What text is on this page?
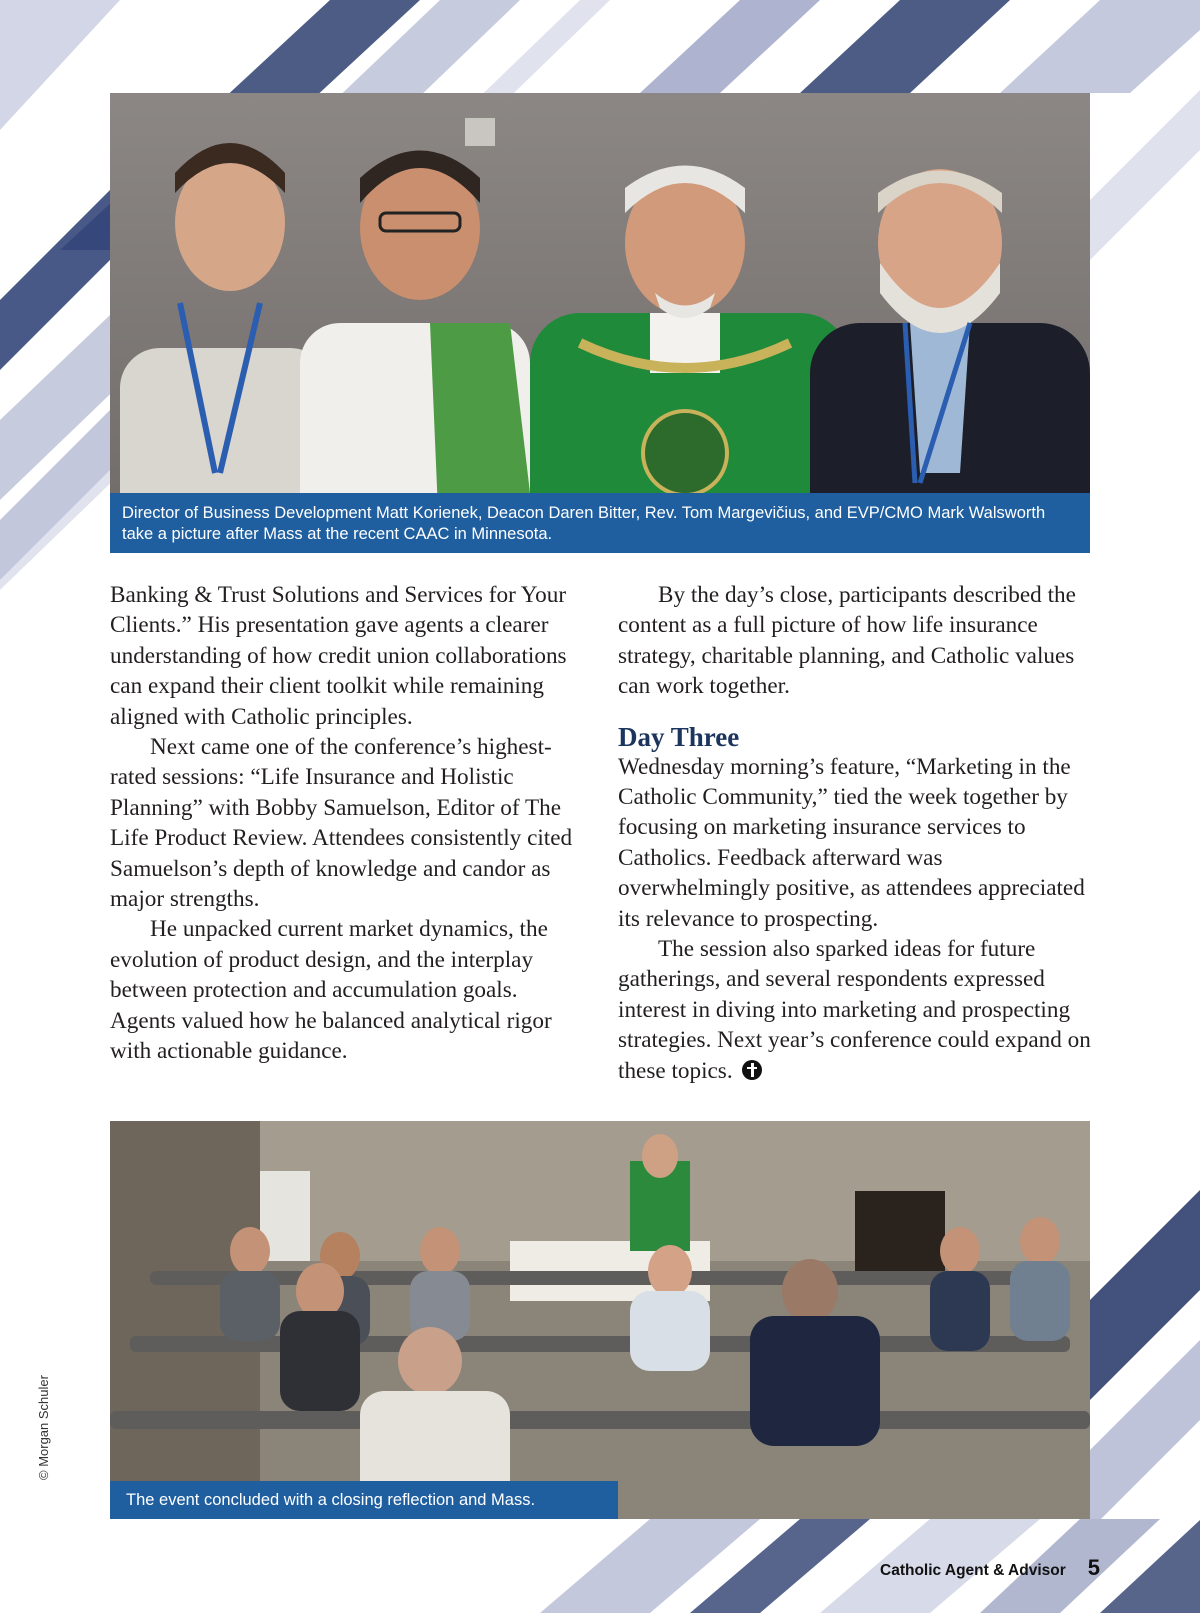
Director of Business Development Matt Korienek, Deacon Daren Bitter, Rev. Tom Margevičius, and EVP/CMO Mark Walsworth take a picture after Mass at the recent CAAC in Minnesota.

Banking & Trust Solutions and Services for Your Clients.” His presentation gave agents a clearer understanding of how credit union collaborations can expand their client toolkit while remaining aligned with Catholic principles.

Next came one of the conference’s highest-rated sessions: “Life Insurance and Holistic Planning” with Bobby Samuelson, Editor of The Life Product Review. Attendees consistently cited Samuelson’s depth of knowledge and candor as major strengths.

He unpacked current market dynamics, the evolution of product design, and the interplay between protection and accumulation goals. Agents valued how he balanced analytical rigor with actionable guidance.

By the day’s close, participants described the content as a full picture of how life insurance strategy, charitable planning, and Catholic values can work together.

Day Three

Wednesday morning’s feature, “Marketing in the Catholic Community,” tied the week together by focusing on marketing insurance services to Catholics. Feedback afterward was overwhelmingly positive, as attendees appreciated its relevance to prospecting.

The session also sparked ideas for future gatherings, and several respondents expressed interest in diving into marketing and prospecting strategies. Next year’s conference could expand on these topics.

The event concluded with a closing reflection and Mass.
© Morgan Schuler
Catholic Agent & Advisor 5
